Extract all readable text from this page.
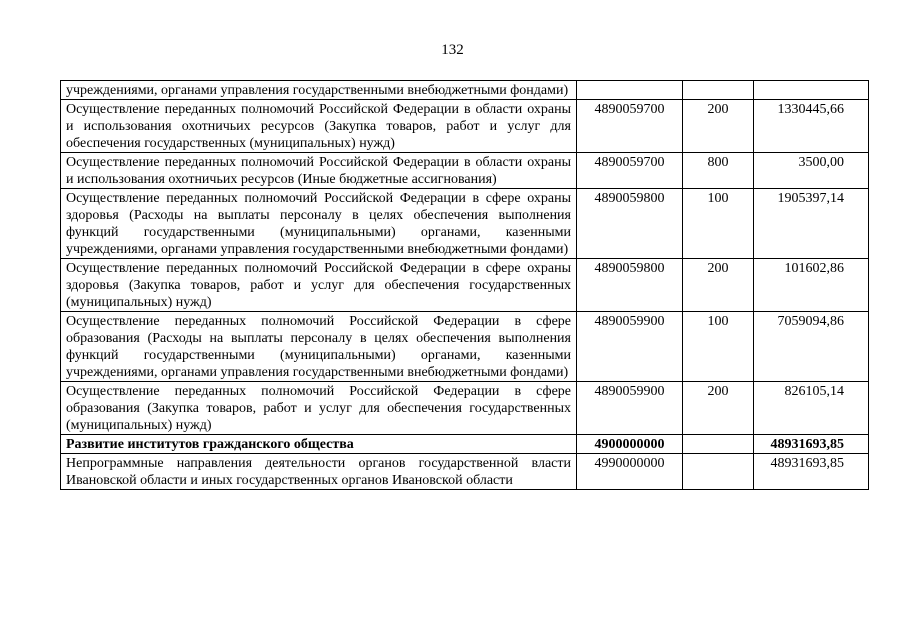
132
учреждениями, органами управления государственными внебюджетными фондами)			
Осуществление переданных полномочий Российской Федерации в области охраны и использования охотничьих ресурсов (Закупка товаров, работ и услуг для обеспечения государственных (муниципальных) нужд)	4890059700	200	1330445,66
Осуществление переданных полномочий Российской Федерации в области охраны и использования охотничьих ресурсов (Иные бюджетные ассигнования)	4890059700	800	3500,00
Осуществление переданных полномочий Российской Федерации в сфере охраны здоровья (Расходы на выплаты персоналу в целях обеспечения выполнения функций государственными (муниципальными) органами, казенными учреждениями, органами управления государственными внебюджетными фондами)	4890059800	100	1905397,14
Осуществление переданных полномочий Российской Федерации в сфере охраны здоровья (Закупка товаров, работ и услуг для обеспечения государственных (муниципальных) нужд)	4890059800	200	101602,86
Осуществление переданных полномочий Российской Федерации в сфере образования (Расходы на выплаты персоналу в целях обеспечения выполнения функций государственными (муниципальными) органами, казенными учреждениями, органами управления государственными внебюджетными фондами)	4890059900	100	7059094,86
Осуществление переданных полномочий Российской Федерации в сфере образования (Закупка товаров, работ и услуг для обеспечения государственных (муниципальных) нужд)	4890059900	200	826105,14
Развитие институтов гражданского общества	4900000000		48931693,85
Непрограммные направления деятельности органов государственной власти Ивановской области и иных государственных органов Ивановской области	4990000000		48931693,85
